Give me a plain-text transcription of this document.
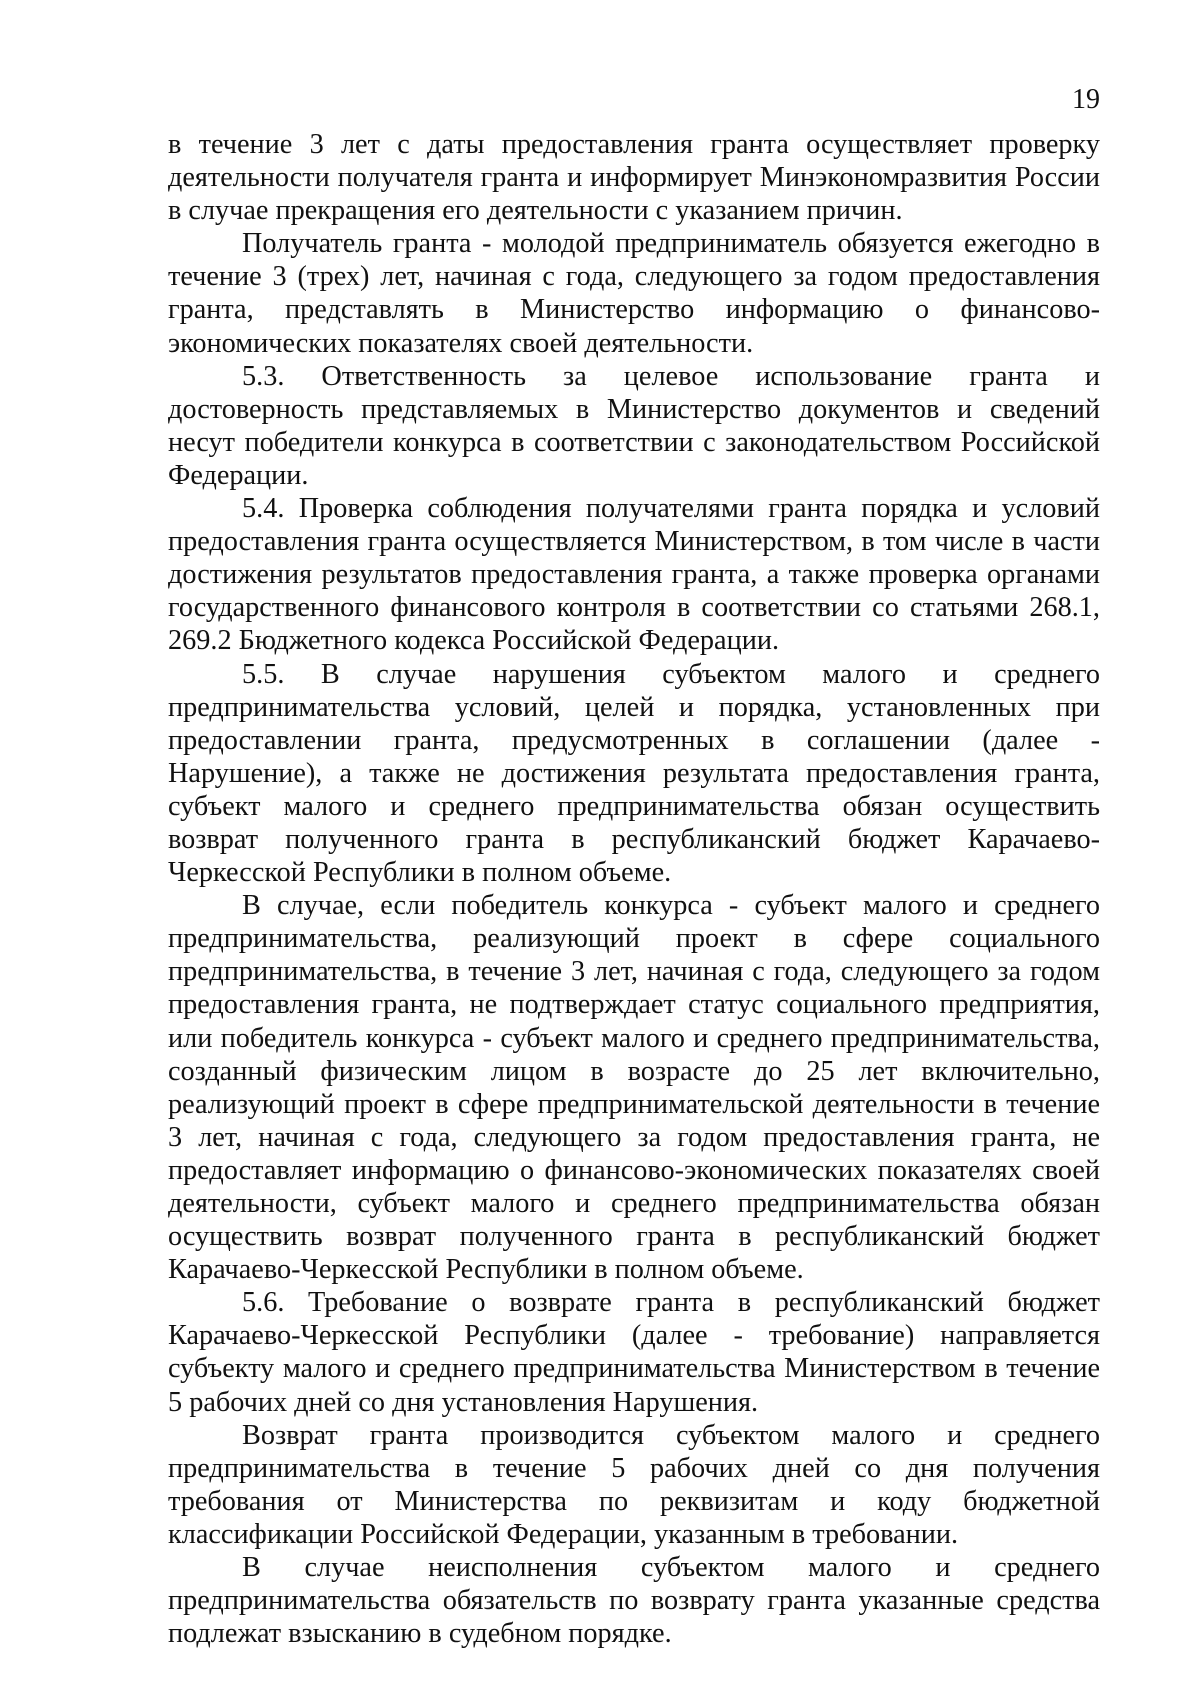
19

в течение 3 лет с даты предоставления гранта осуществляет проверку деятельности получателя гранта и информирует Минэкономразвития России в случае прекращения его деятельности с указанием причин.

Получатель гранта - молодой предприниматель обязуется ежегодно в течение 3 (трех) лет, начиная с года, следующего за годом предоставления гранта, представлять в Министерство информацию о финансово-экономических показателях своей деятельности.

5.3. Ответственность за целевое использование гранта и достоверность представляемых в Министерство документов и сведений несут победители конкурса в соответствии с законодательством Российской Федерации.

5.4. Проверка соблюдения получателями гранта порядка и условий предоставления гранта осуществляется Министерством, в том числе в части достижения результатов предоставления гранта, а также проверка органами государственного финансового контроля в соответствии со статьями 268.1, 269.2 Бюджетного кодекса Российской Федерации.

5.5. В случае нарушения субъектом малого и среднего предпринимательства условий, целей и порядка, установленных при предоставлении гранта, предусмотренных в соглашении (далее - Нарушение), а также не достижения результата предоставления гранта, субъект малого и среднего предпринимательства обязан осуществить возврат полученного гранта в республиканский бюджет Карачаево-Черкесской Республики в полном объеме.

В случае, если победитель конкурса - субъект малого и среднего предпринимательства, реализующий проект в сфере социального предпринимательства, в течение 3 лет, начиная с года, следующего за годом предоставления гранта, не подтверждает статус социального предприятия, или победитель конкурса - субъект малого и среднего предпринимательства, созданный физическим лицом в возрасте до 25 лет включительно, реализующий проект в сфере предпринимательской деятельности в течение 3 лет, начиная с года, следующего за годом предоставления гранта, не предоставляет информацию о финансово-экономических показателях своей деятельности, субъект малого и среднего предпринимательства обязан осуществить возврат полученного гранта в республиканский бюджет Карачаево-Черкесской Республики в полном объеме.

5.6. Требование о возврате гранта в республиканский бюджет Карачаево-Черкесской Республики (далее - требование) направляется субъекту малого и среднего предпринимательства Министерством в течение 5 рабочих дней со дня установления Нарушения.

Возврат гранта производится субъектом малого и среднего предпринимательства в течение 5 рабочих дней со дня получения требования от Министерства по реквизитам и коду бюджетной классификации Российской Федерации, указанным в требовании.

В случае неисполнения субъектом малого и среднего предпринимательства обязательств по возврату гранта указанные средства подлежат взысканию в судебном порядке.
